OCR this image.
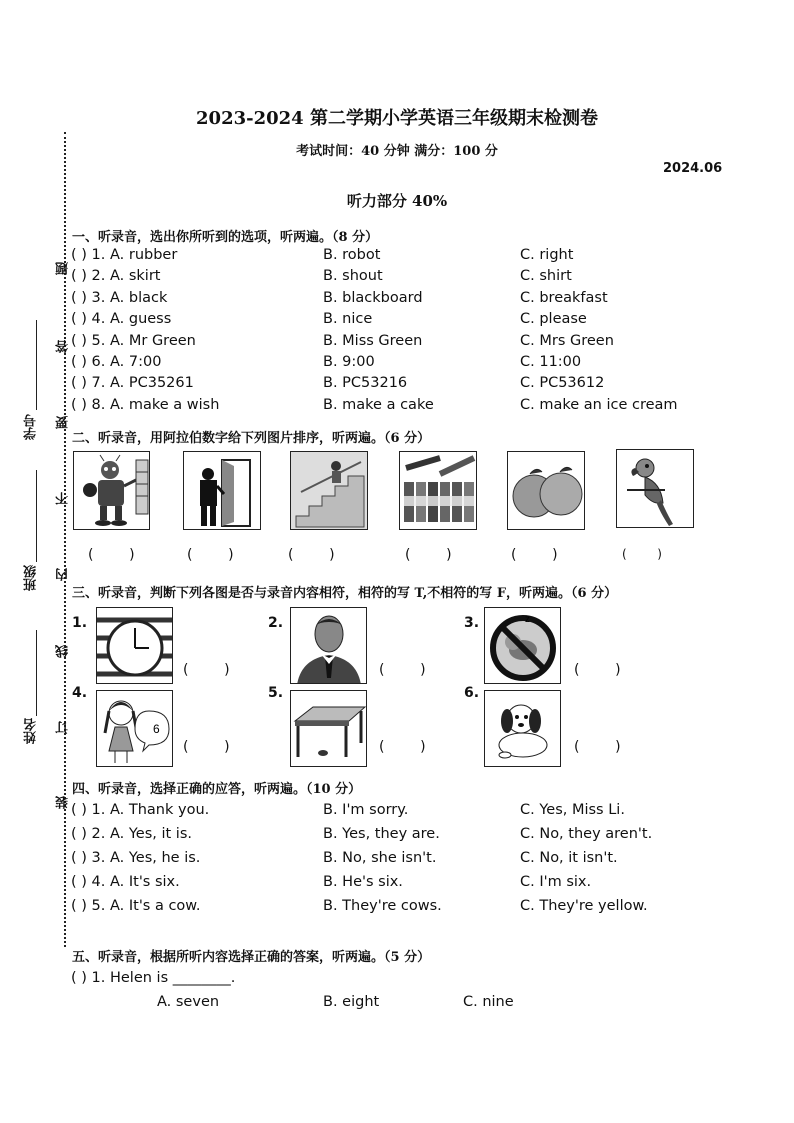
学号
班级
姓名
题
答
要
不
内
线
订
装
2023-2024 第二学期小学英语三年级期末检测卷
考试时间：40 分钟 满分：100 分
2024.06
听力部分 40%
一、听录音，选出你所听到的选项，听两遍。（8 分）
( ) 1. A. rubber	B. robot	C. right
( ) 2. A. skirt	B. shout	C. shirt
( ) 3. A. black	B. blackboard	C. breakfast
( ) 4. A. guess	B. nice	C. please
( ) 5. A. Mr Green	B. Miss Green	C. Mrs Green
( ) 6. A. 7:00	B. 9:00	C. 11:00
( ) 7. A. PC35261	B. PC53216	C. PC53612
( ) 8. A. make a wish	B. make a cake	C. make an ice cream
二、听录音，用阿拉伯数字给下列图片排序，听两遍。（6 分）
(        )	(        )	(        )	(        )	(        )	(        )
三、听录音，判断下列各图是否与录音内容相符，相符的写 T,不相符的写 F，听两遍。（6 分）
1.
(        )
2.
(        )
3.	z
(        )
4.
6
(        )
5.
(        )
6.
(        )
四、听录音，选择正确的应答，听两遍。（10 分）
( ) 1. A. Thank you.	B. I'm sorry.	C. Yes, Miss Li.
( ) 2. A. Yes, it is.	B. Yes, they are.	C. No, they aren't.
( ) 3. A. Yes, he is.	B. No, she isn't.	C. No, it isn't.
( ) 4. A. It's six.	B. He's six.	C. I'm six.
( ) 5. A. It's a cow.	B. They're cows.	C. They're yellow.
五、听录音，根据所听内容选择正确的答案，听两遍。（5 分）
( ) 1. Helen is ________.
A. seven	B. eight	C. nine
